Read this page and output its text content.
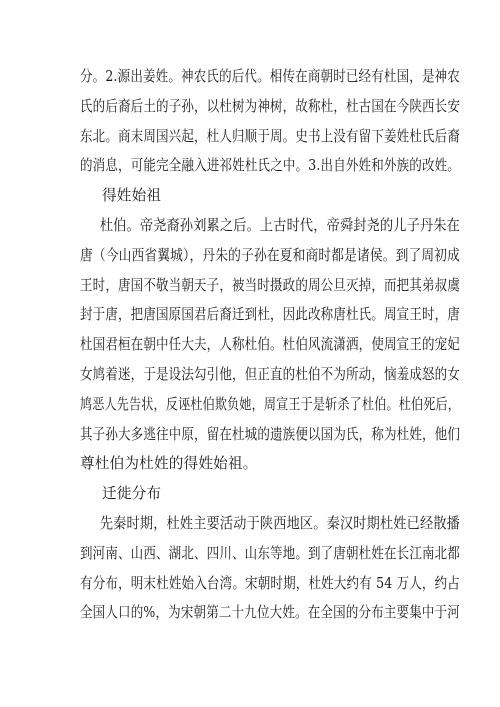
分。2.源出姜姓。神农氏的后代。相传在商朝时已经有杜国，是神农
氏的后裔后土的子孙，以杜树为神树，故称杜，杜古国在今陕西长安
东北。商末周国兴起，杜人归顺于周。史书上没有留下姜姓杜氏后裔
的消息，可能完全融入进祁姓杜氏之中。3.出自外姓和外族的改姓。
得姓始祖
杜伯。帝尧裔孙刘累之后。上古时代，帝舜封尧的儿子丹朱在
唐（今山西省翼城），丹朱的子孙在夏和商时都是诸侯。到了周初成
王时，唐国不敬当朝天子，被当时摄政的周公旦灭掉，而把其弟叔虞
封于唐，把唐国原国君后裔迁到杜，因此改称唐杜氏。周宣王时，唐
杜国君桓在朝中任大夫，人称杜伯。杜伯风流潇洒，使周宣王的宠妃
女鸠着迷，于是设法勾引他，但正直的杜伯不为所动，恼羞成怒的女
鸠恶人先告状，反诬杜伯欺负她，周宣王于是斩杀了杜伯。杜伯死后，
其子孙大多逃往中原，留在杜城的遗族便以国为氏，称为杜姓，他们
尊杜伯为杜姓的得姓始祖。
迁徙分布
先秦时期，杜姓主要活动于陕西地区。秦汉时期杜姓已经散播
到河南、山西、湖北、四川、山东等地。到了唐朝杜姓在长江南北都
有分布，明末杜姓始入台湾。宋朝时期，杜姓大约有 54 万人，约占
全国人口的%，为宋朝第二十九位大姓。在全国的分布主要集中于河
